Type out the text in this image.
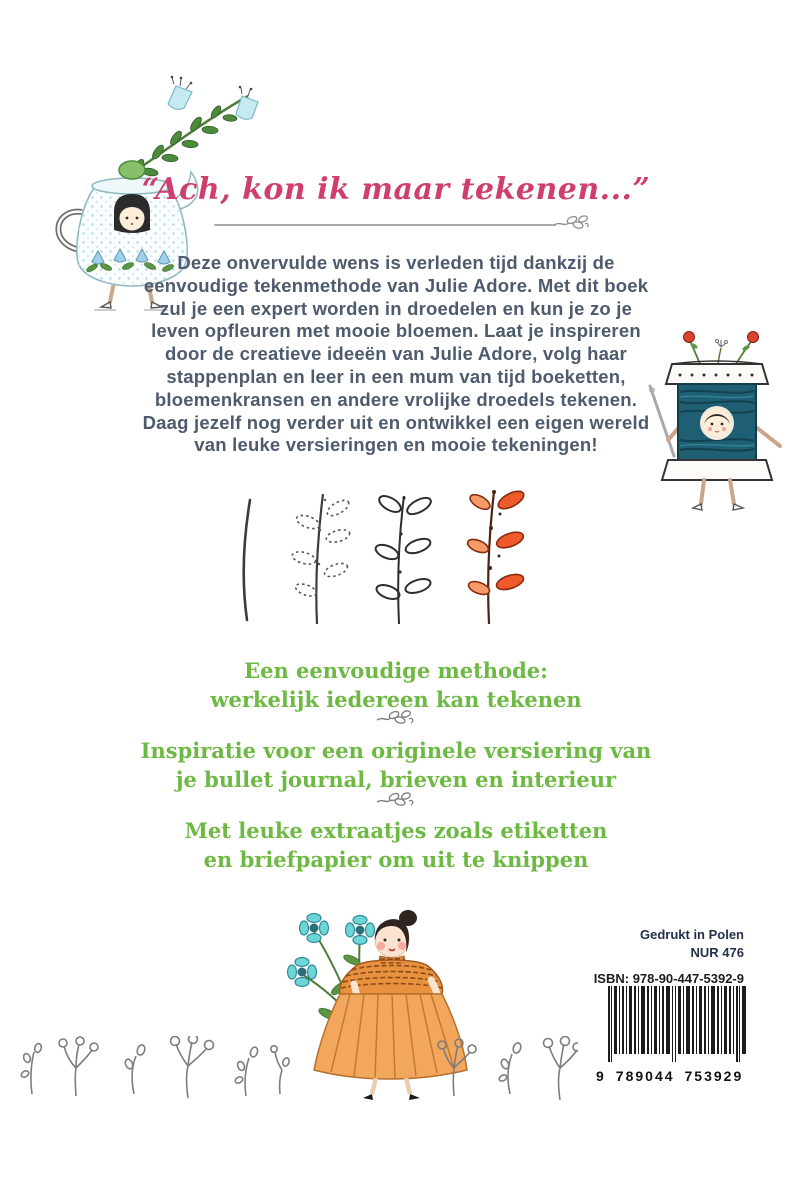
“Ach, kon ik maar tekenen...”
Deze onvervulde wens is verleden tijd dankzij de
eenvoudige tekenmethode van Julie Adore. Met dit boek
zul je een expert worden in droedelen en kun je zo je
leven opfleuren met mooie bloemen. Laat je inspireren
door de creatieve ideeën van Julie Adore, volg haar
stappenplan en leer in een mum van tijd boeketten,
bloemenkransen en andere vrolijke droedels tekenen.
Daag jezelf nog verder uit en ontwikkel een eigen wereld
van leuke versieringen en mooie tekeningen!
Een eenvoudige methode:
werkelijk iedereen kan tekenen
Inspiratie voor een originele versiering van
je bullet journal, brieven en interieur
Met leuke extraatjes zoals etiketten
en briefpapier om uit te knippen
Gedrukt in Polen
NUR 476
ISBN: 978-90-447-5392-9
9 789044 753929
